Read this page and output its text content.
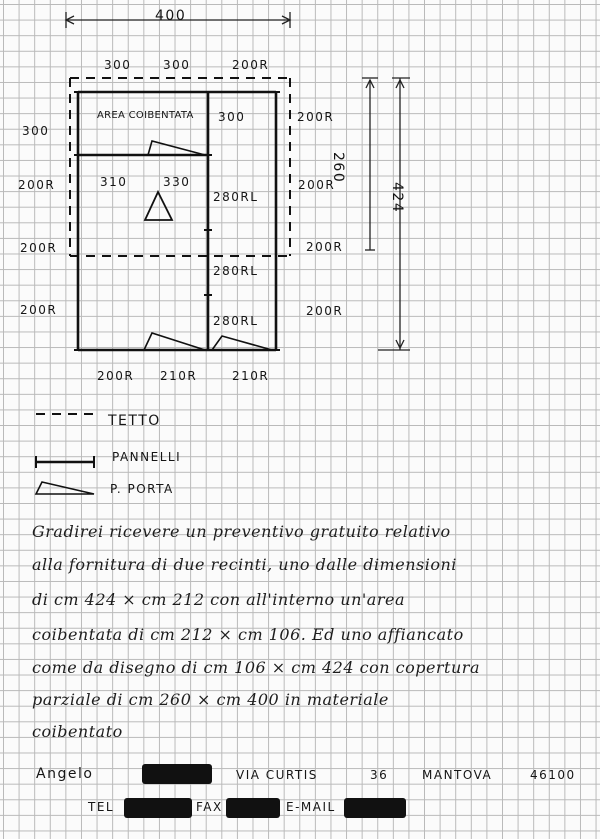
400
300	300	200R
AREA COIBENTATA 300
300
200R
200R
200R
310	330
280RL
280RL
280RL
200R
200R
200R
200R
200R 210R	210R
260
424
TETTO
PANNELLI
P. PORTA
Gradirei ricevere un preventivo gratuito relativo
alla fornitura di due recinti, uno dalle dimensioni
di cm 424 × cm 212 con all'interno un'area
coibentata di cm 212 × cm 106. Ed uno affiancato
come da disegno di cm 106 × cm 424 con copertura
parziale di cm 260 × cm 400 in materiale
coibentato
Angelo	VIA CURTIS	36	MANTOVA	46100
TEL	FAX	E-MAIL
